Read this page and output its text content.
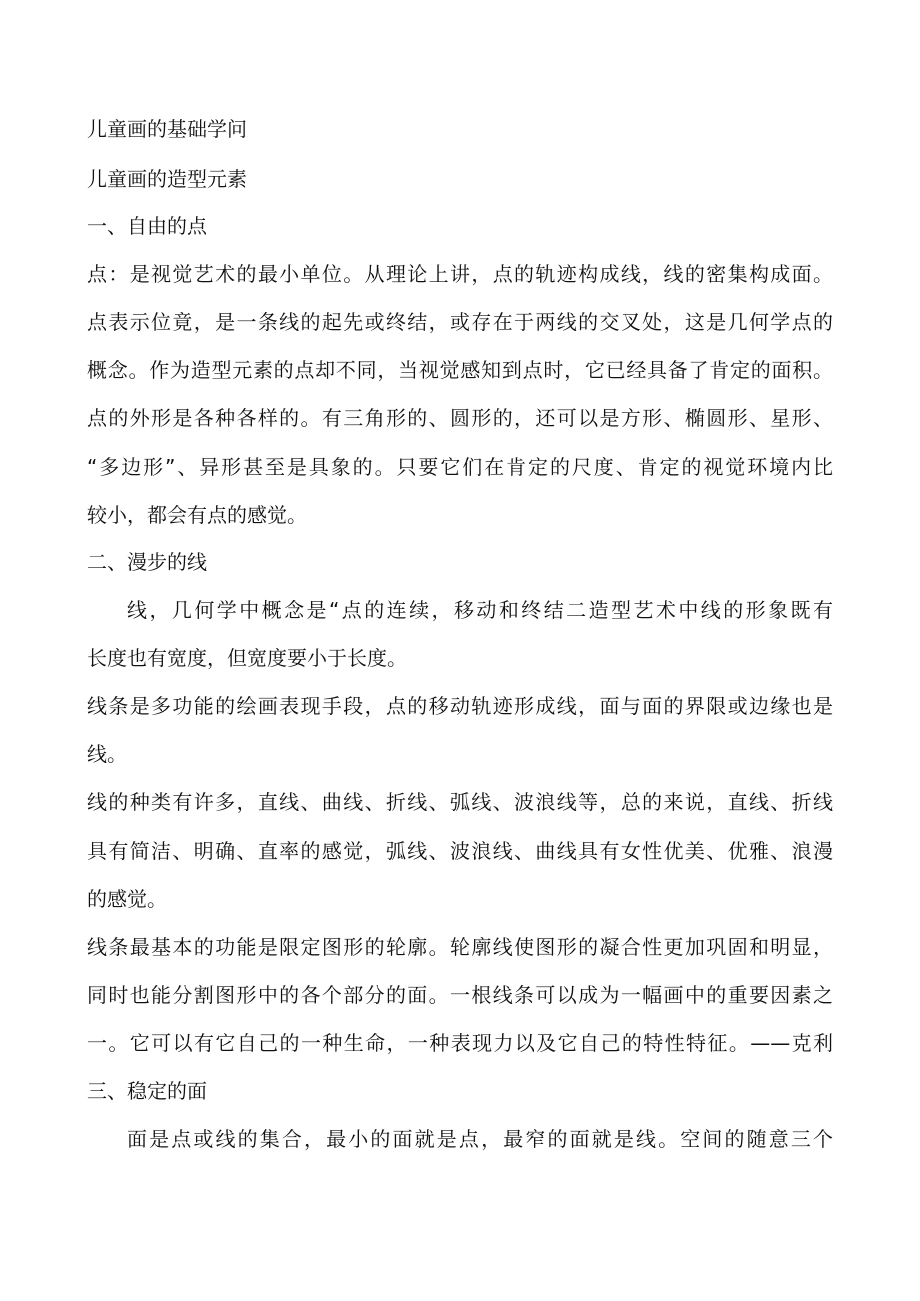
儿童画的基础学问
儿童画的造型元素
一、自由的点
点：是视觉艺术的最小单位。从理论上讲，点的轨迹构成线，线的密集构成面。
点表示位竟，是一条线的起先或终结，或存在于两线的交叉处，这是几何学点的
概念。作为造型元素的点却不同，当视觉感知到点时，它已经具备了肯定的面积。
点的外形是各种各样的。有三角形的、圆形的，还可以是方形、椭圆形、星形、
“多边形”、异形甚至是具象的。只要它们在肯定的尺度、肯定的视觉环境内比
较小，都会有点的感觉。
二、漫步的线
线，几何学中概念是“点的连续，移动和终结二造型艺术中线的形象既有
长度也有宽度，但宽度要小于长度。
线条是多功能的绘画表现手段，点的移动轨迹形成线，面与面的界限或边缘也是
线。
线的种类有许多，直线、曲线、折线、弧线、波浪线等，总的来说，直线、折线
具有简洁、明确、直率的感觉，弧线、波浪线、曲线具有女性优美、优雅、浪漫
的感觉。
线条最基本的功能是限定图形的轮廓。轮廓线使图形的凝合性更加巩固和明显，
同时也能分割图形中的各个部分的面。一根线条可以成为一幅画中的重要因素之
一。它可以有它自己的一种生命，一种表现力以及它自己的特性特征。——克利
三、稳定的面
面是点或线的集合，最小的面就是点，最窄的面就是线。空间的随意三个
